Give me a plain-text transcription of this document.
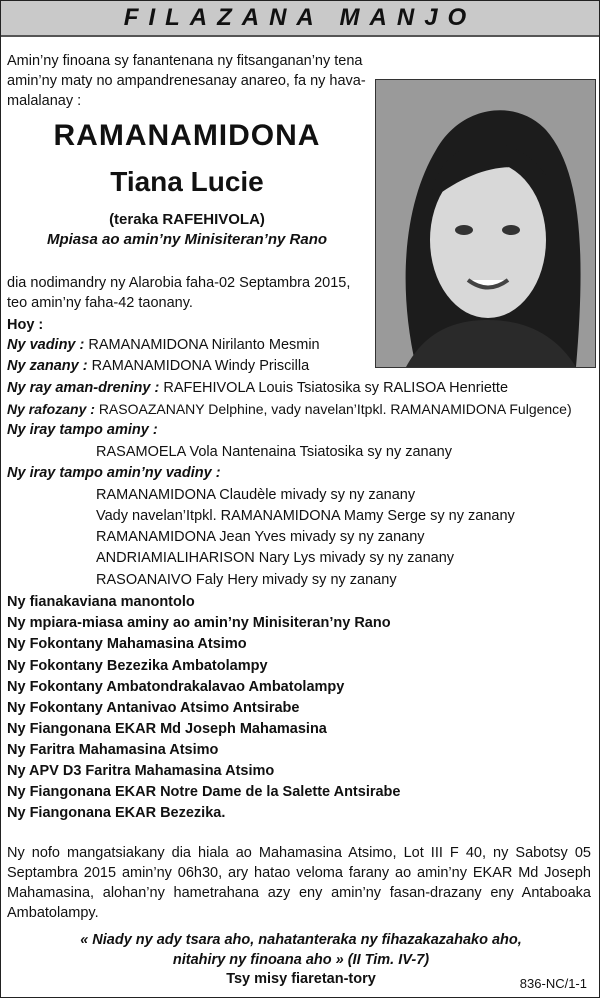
FILAZANA MANJO
Amin’ny finoana sy fanantenana ny fitsanganan’ny tena amin’ny maty no ampandrenesanay anareo, fa ny hava-malalanay :
RAMANAMIDONA
Tiana Lucie
(teraka RAFEHIVOLA)
Mpiasa ao amin’ny Minisiteran’ny Rano
dia nodimandry ny Alarobia faha-02 Septambra 2015, teo amin’ny faha-42 taonany.
Hoy :
Ny vadiny : RAMANAMIDONA Nirilanto Mesmin
Ny zanany : RAMANAMIDONA Windy Priscilla
Ny ray aman-dreniny : RAFEHIVOLA Louis Tsiatosika sy RALISOA Henriette
Ny rafozany : RASOAZANANY Delphine, vady navelan’Itpkl. RAMANAMIDONA Fulgence)
Ny iray tampo aminy :
RASAMOELA Vola Nantenaina Tsiatosika sy ny zanany
Ny iray tampo amin’ny vadiny :
RAMANAMIDONA Claudèle mivady sy ny zanany
Vady navelan’Itpkl. RAMANAMIDONA Mamy Serge sy ny zanany
RAMANAMIDONA Jean Yves mivady sy ny zanany
ANDRIAMIALIHARISON Nary Lys mivady sy ny zanany
RASOANAIVO Faly Hery mivady sy ny zanany
Ny fianakaviana manontolo
Ny mpiara-miasa aminy ao amin’ny Minisiteran’ny Rano
Ny Fokontany Mahamasina Atsimo
Ny Fokontany Bezezika Ambatolampy
Ny Fokontany Ambatondrakalavao Ambatolampy
Ny Fokontany Antanivao Atsimo Antsirabe
Ny Fiangonana EKAR Md Joseph Mahamasina
Ny Faritra Mahamasina Atsimo
Ny APV D3 Faritra Mahamasina Atsimo
Ny Fiangonana EKAR Notre Dame de la Salette Antsirabe
Ny Fiangonana EKAR Bezezika.
Ny nofo mangatsiakany dia hiala ao Mahamasina Atsimo, Lot III F 40, ny Sabotsy 05 Septambra 2015 amin’ny 06h30, ary hatao veloma farany ao amin’ny EKAR Md Joseph Mahamasina, alohan’ny hametrahana azy eny amin’ny fasan-drazany eny Antaboaka Ambatolampy.
« Niady ny ady tsara aho, nahatanteraka ny fihazakazahako aho,
nitahiry ny finoana aho » (II Tim. IV-7)
Tsy misy fiaretan-tory	836-NC/1-1
